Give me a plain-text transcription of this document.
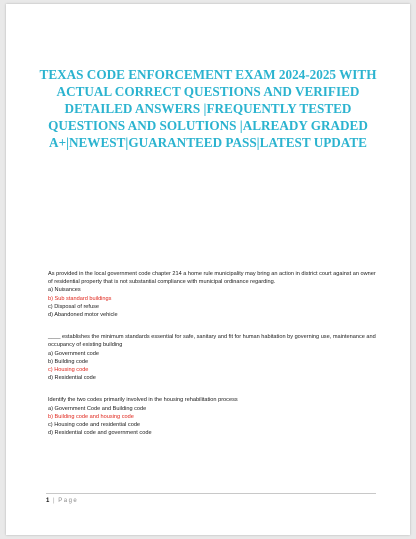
TEXAS CODE ENFORCEMENT EXAM 2024-2025 WITH ACTUAL CORRECT QUESTIONS AND VERIFIED DETAILED ANSWERS |FREQUENTLY TESTED QUESTIONS AND SOLUTIONS |ALREADY GRADED A+|NEWEST|GUARANTEED PASS|LATEST UPDATE

As provided in the local government code chapter 214 a home rule municipality may bring an action in district court against an owner of residential property that is not substantial compliance with municipal ordinance regarding.

a) Nuisances
b) Sub standard buildings
c) Disposal of refuse
d) Abandoned motor vehicle

____ establishes the minimum standards essential for safe, sanitary and fit for human habitation by governing use, maintenance and occupancy of existing building

a) Government code
b) Building code
c) Housing code
d) Residential code

Identify the two codes primarily involved in the housing rehabilitation process

a) Government Code and Building code
b) Building code and housing code
c) Housing code and residential code
d) Residential code and government code
1 | Page
